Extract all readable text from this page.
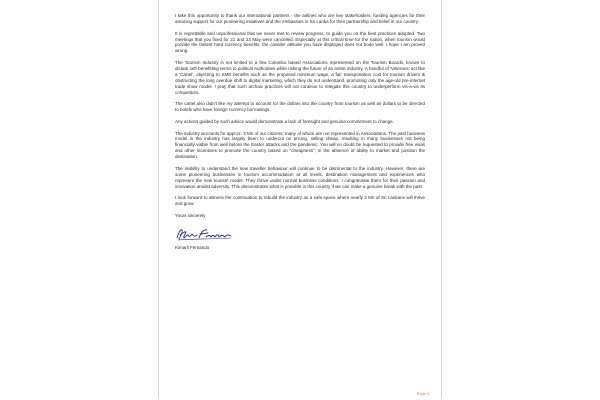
I take this opportunity to thank our international partners - the airlines who are key stakeholders, funding agencies for their amazing support for our pioneering initiatives and the embassies in Sri Lanka for their partnership and belief in our country.

It is regrettable and unprofessional that we never met to review progress, to guide you on the best practices adopted. Two meetings that you fixed for 21 and 23 May were cancelled. Especially at this critical time for the nation, when tourism would provide the fastest hard currency benefits, the cavalier attitude you have displayed does not bode well. I hope I am proved wrong.

The Tourism Industry is not limited to a few Colombo based Associations represented on the Tourism Boards, known to dictate self-benefitting terms to political Authorities while risking the future of an entire industry. A handful of 'Veterans' act like a 'Cartel', objecting to SME benefits such as the proposed minimum wage, a fair transportation cost for tourism drivers & obstructing the long overdue shift to digital marketing, which they do not understand, promoting only the age-old pre-internet trade show model. I pray that such archaic practices will not continue to relegate this country to underperform vis-a-vis its competitors.

The cartel also didn't like my attempt to account for the dollars into the country from tourism as well as dollars to be directed to hotels who have foreign currency borrowings.

Any actions guided by such advice would demonstrate a lack of foresight and genuine commitment to change.

The industry accounts for approx. 3 Mn of our citizens; many of whom are not represented in Associations. The past business model in the industry has largely been to undercut on pricing, selling cheap, resulting in many businesses not being financially viable from well before the Easter attacks and the pandemic. You will no doubt be requested to provide free visas and other incentives to promote the country based on "cheapness", in the absence of ability to market and position the destination.

The inability to understand the new traveller behaviour will continue to be detrimental to the industry. However, there are some pioneering businesses in tourism accommodation at all levels, destination management and experiences who represent the new tourism model. They thrive under normal business conditions. I congratulate them for their passion and innovation amidst adversity. This demonstrates what is possible in this country if we can make a genuine break with the past.

I look forward to witness the continuation to rebuild the industry as a safe space where nearly 3 Mn of Sri Lankans will thrive and grow.

Yours sincerely

Kimarli Fernando

Page 3
